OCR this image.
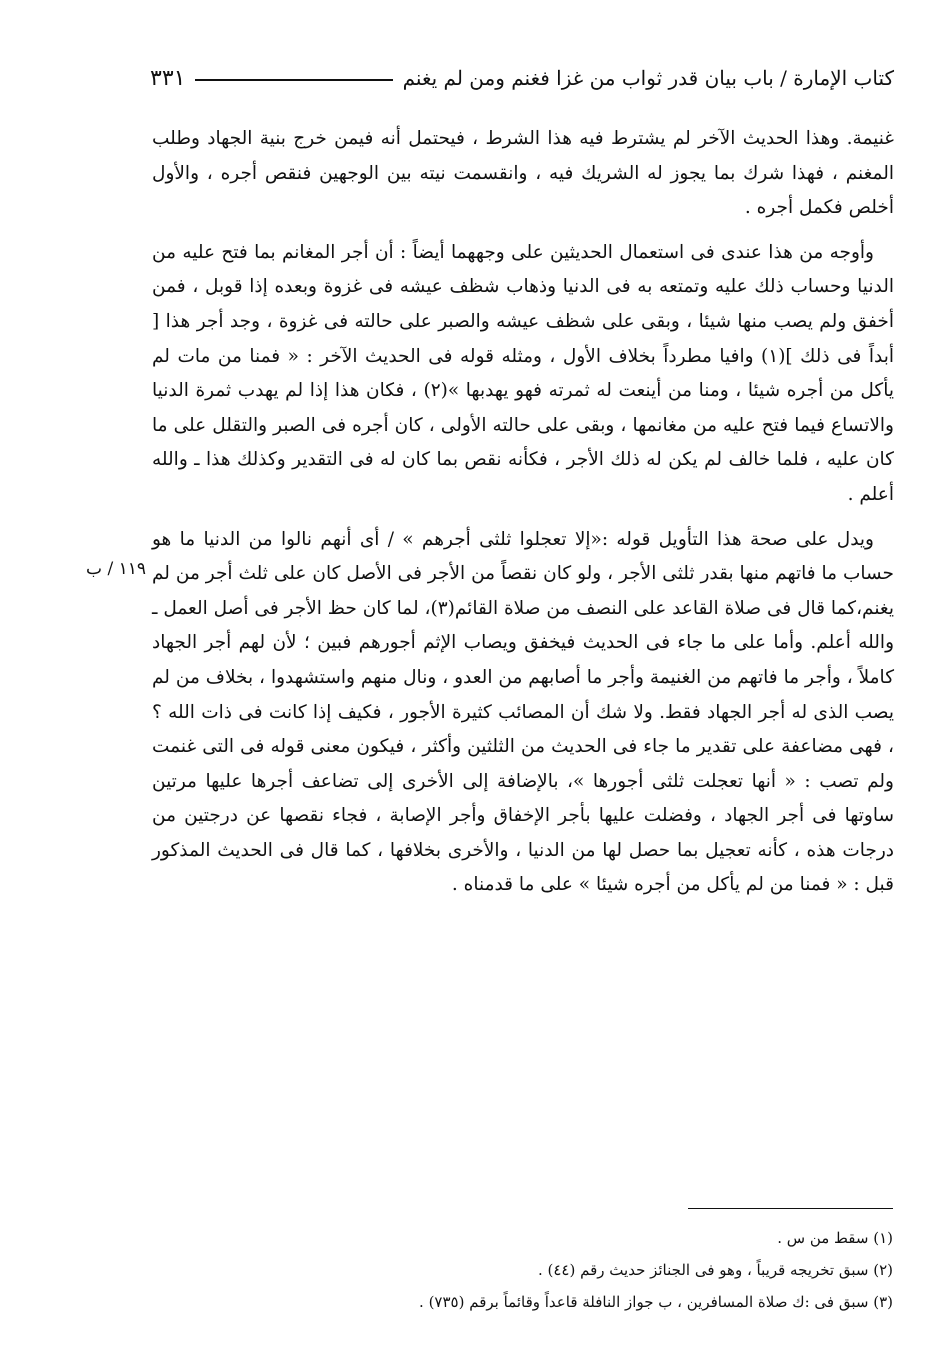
كتاب الإمارة / باب بيان قدر ثواب من غزا فغنم ومن لم يغنم
٣٣١
١١٩ / ب

غنيمة. وهذا الحديث الآخر لم يشترط فيه هذا الشرط ، فيحتمل أنه فيمن خرج بنية الجهاد وطلب المغنم ، فهذا شرك بما يجوز له الشريك فيه ، وانقسمت نيته بين الوجهين فنقص أجره ، والأول أخلص فكمل أجره .

وأوجه من هذا عندى فى استعمال الحديثين على وجههما أيضاً : أن أجر المغانم بما فتح عليه من الدنيا وحساب ذلك عليه وتمتعه به فى الدنيا وذهاب شظف عيشه فى غزوة وبعده إذا قوبل ، فمن أخفق ولم يصب منها شيئا ، وبقى على شظف عيشه والصبر على حالته فى غزوة ، وجد أجر هذا [ أبداً فى ذلك ](١) وافيا مطرداً بخلاف الأول ، ومثله قوله فى الحديث الآخر : « فمنا من مات لم يأكل من أجره شيئا ، ومنا من أينعت له ثمرته فهو يهدبها »(٢) ، فكان هذا إذا لم يهدب ثمرة الدنيا والاتساع فيما فتح عليه من مغانمها ، وبقى على حالته الأولى ، كان أجره فى الصبر والتقلل على ما كان عليه ، فلما خالف لم يكن له ذلك الأجر ، فكأنه نقص بما كان له فى التقدير وكذلك هذا ـ والله أعلم .

ويدل على صحة هذا التأويل قوله :«إلا تعجلوا ثلثى أجرهم » / أى أنهم نالوا من الدنيا ما هو حساب ما فاتهم منها بقدر ثلثى الأجر ، ولو كان نقصاً من الأجر فى الأصل كان على ثلث أجر من لم يغنم،كما قال فى صلاة القاعد على النصف من صلاة القائم(٣)، لما كان حظ الأجر فى أصل العمل ـ والله أعلم. وأما على ما جاء فى الحديث فيخفق ويصاب الإثم أجورهم فبين ؛ لأن لهم أجر الجهاد كاملاً ، وأجر ما فاتهم من الغنيمة وأجر ما أصابهم من العدو ، ونال منهم واستشهدوا ، بخلاف من لم يصب الذى له أجر الجهاد فقط. ولا شك أن المصائب كثيرة الأجور ، فكيف إذا كانت فى ذات الله ؟ ، فهى مضاعفة على تقدير ما جاء فى الحديث من الثلثين وأكثر ، فيكون معنى قوله فى التى غنمت ولم تصب : « أنها تعجلت ثلثى أجورها »، بالإضافة إلى الأخرى إلى تضاعف أجرها عليها مرتين ساوتها فى أجر الجهاد ، وفضلت عليها بأجر الإخفاق وأجر الإصابة ، فجاء نقصها عن درجتين من درجات هذه ، كأنه تعجيل بما حصل لها من الدنيا ، والأخرى بخلافها ، كما قال فى الحديث المذكور قبل : « فمنا من لم يأكل من أجره شيئا » على ما قدمناه .

(١) سقط من س .

(٢) سبق تخريجه قريباً ، وهو فى الجنائز حديث رقم (٤٤) .

(٣) سبق فى :ك صلاة المسافرين ، ب جواز النافلة قاعداً وقائماً برقم (٧٣٥) .
